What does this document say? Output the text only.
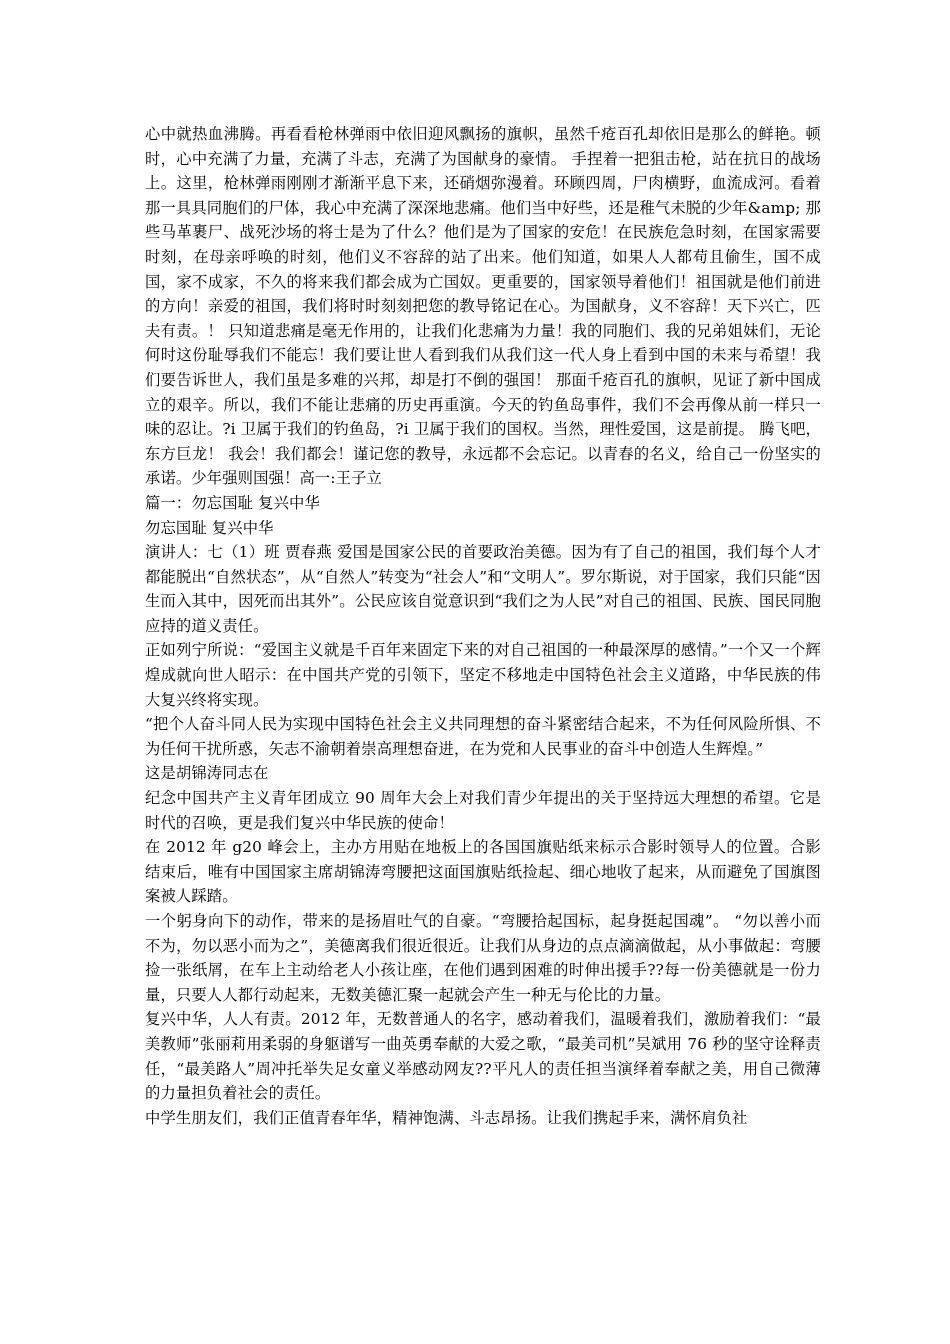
心中就热血沸腾。再看看枪林弹雨中依旧迎风飘扬的旗帜，虽然千疮百孔却依旧是那么的鲜艳。顿时，心中充满了力量，充满了斗志，充满了为国献身的豪情。 手捏着一把狙击枪，站在抗日的战场上。这里，枪林弹雨刚刚才渐渐平息下来，还硝烟弥漫着。环顾四周，尸肉横野，血流成河。看着那一具具同胞们的尸体，我心中充满了深深地悲痛。他们当中好些，还是稚气未脱的少年&amp; 那些马革裹尸、战死沙场的将士是为了什么？他们是为了国家的安危！在民族危急时刻，在国家需要时刻，在母亲呼唤的时刻，他们义不容辞的站了出来。他们知道，如果人人都苟且偷生，国不成国，家不成家，不久的将来我们都会成为亡国奴。更重要的，国家领导着他们！祖国就是他们前进的方向！亲爱的祖国，我们将时时刻刻把您的教导铭记在心。为国献身，义不容辞！天下兴亡，匹夫有责。！ 只知道悲痛是毫无作用的，让我们化悲痛为力量！我的同胞们、我的兄弟姐妹们，无论何时这份耻辱我们不能忘！我们要让世人看到我们从我们这一代人身上看到中国的未来与希望！我们要告诉世人，我们虽是多难的兴邦，却是打不倒的强国！ 那面千疮百孔的旗帜，见证了新中国成立的艰辛。所以，我们不能让悲痛的历史再重演。今天的钓鱼岛事件，我们不会再像从前一样只一味的忍让。?i 卫属于我们的钓鱼岛，?i 卫属于我们的国权。当然，理性爱国，这是前提。 腾飞吧，东方巨龙！ 我会！我们都会！谨记您的教导，永远都不会忘记。以青春的名义，给自己一份坚实的承诺。少年强则国强！高一:王子立

篇一：勿忘国耻 复兴中华

勿忘国耻 复兴中华

演讲人：七（1）班 贾春燕 爱国是国家公民的首要政治美德。因为有了自己的祖国，我们每个人才都能脱出“自然状态”，从“自然人”转变为“社会人”和“文明人”。罗尔斯说，对于国家，我们只能“因生而入其中，因死而出其外”。公民应该自觉意识到“我们之为人民”对自己的祖国、民族、国民同胞应持的道义责任。

正如列宁所说：“爱国主义就是千百年来固定下来的对自己祖国的一种最深厚的感情。”一个又一个辉煌成就向世人昭示：在中国共产党的引领下，坚定不移地走中国特色社会主义道路，中华民族的伟大复兴终将实现。

“把个人奋斗同人民为实现中国特色社会主义共同理想的奋斗紧密结合起来，不为任何风险所惧、不为任何干扰所惑，矢志不渝朝着崇高理想奋进，在为党和人民事业的奋斗中创造人生辉煌。”

这是胡锦涛同志在

纪念中国共产主义青年团成立 90 周年大会上对我们青少年提出的关于坚持远大理想的希望。它是时代的召唤，更是我们复兴中华民族的使命！

在 2012 年 g20 峰会上，主办方用贴在地板上的各国国旗贴纸来标示合影时领导人的位置。合影结束后，唯有中国国家主席胡锦涛弯腰把这面国旗贴纸捡起、细心地收了起来，从而避免了国旗图案被人踩踏。

一个躬身向下的动作，带来的是扬眉吐气的自豪。“弯腰拾起国标，起身挺起国魂”。 “勿以善小而不为，勿以恶小而为之”，美德离我们很近很近。让我们从身边的点点滴滴做起，从小事做起：弯腰捡一张纸屑，在车上主动给老人小孩让座，在他们遇到困难的时伸出援手??每一份美德就是一份力量，只要人人都行动起来，无数美德汇聚一起就会产生一种无与伦比的力量。

复兴中华，人人有责。2012 年，无数普通人的名字，感动着我们，温暖着我们，激励着我们：“最美教师”张丽莉用柔弱的身躯谱写一曲英勇奉献的大爱之歌，“最美司机”吴斌用 76 秒的坚守诠释责任，“最美路人”周冲托举失足女童义举感动网友??平凡人的责任担当演绎着奉献之美，用自己微薄的力量担负着社会的责任。

中学生朋友们，我们正值青春年华，精神饱满、斗志昂扬。让我们携起手来，满怀肩负社
